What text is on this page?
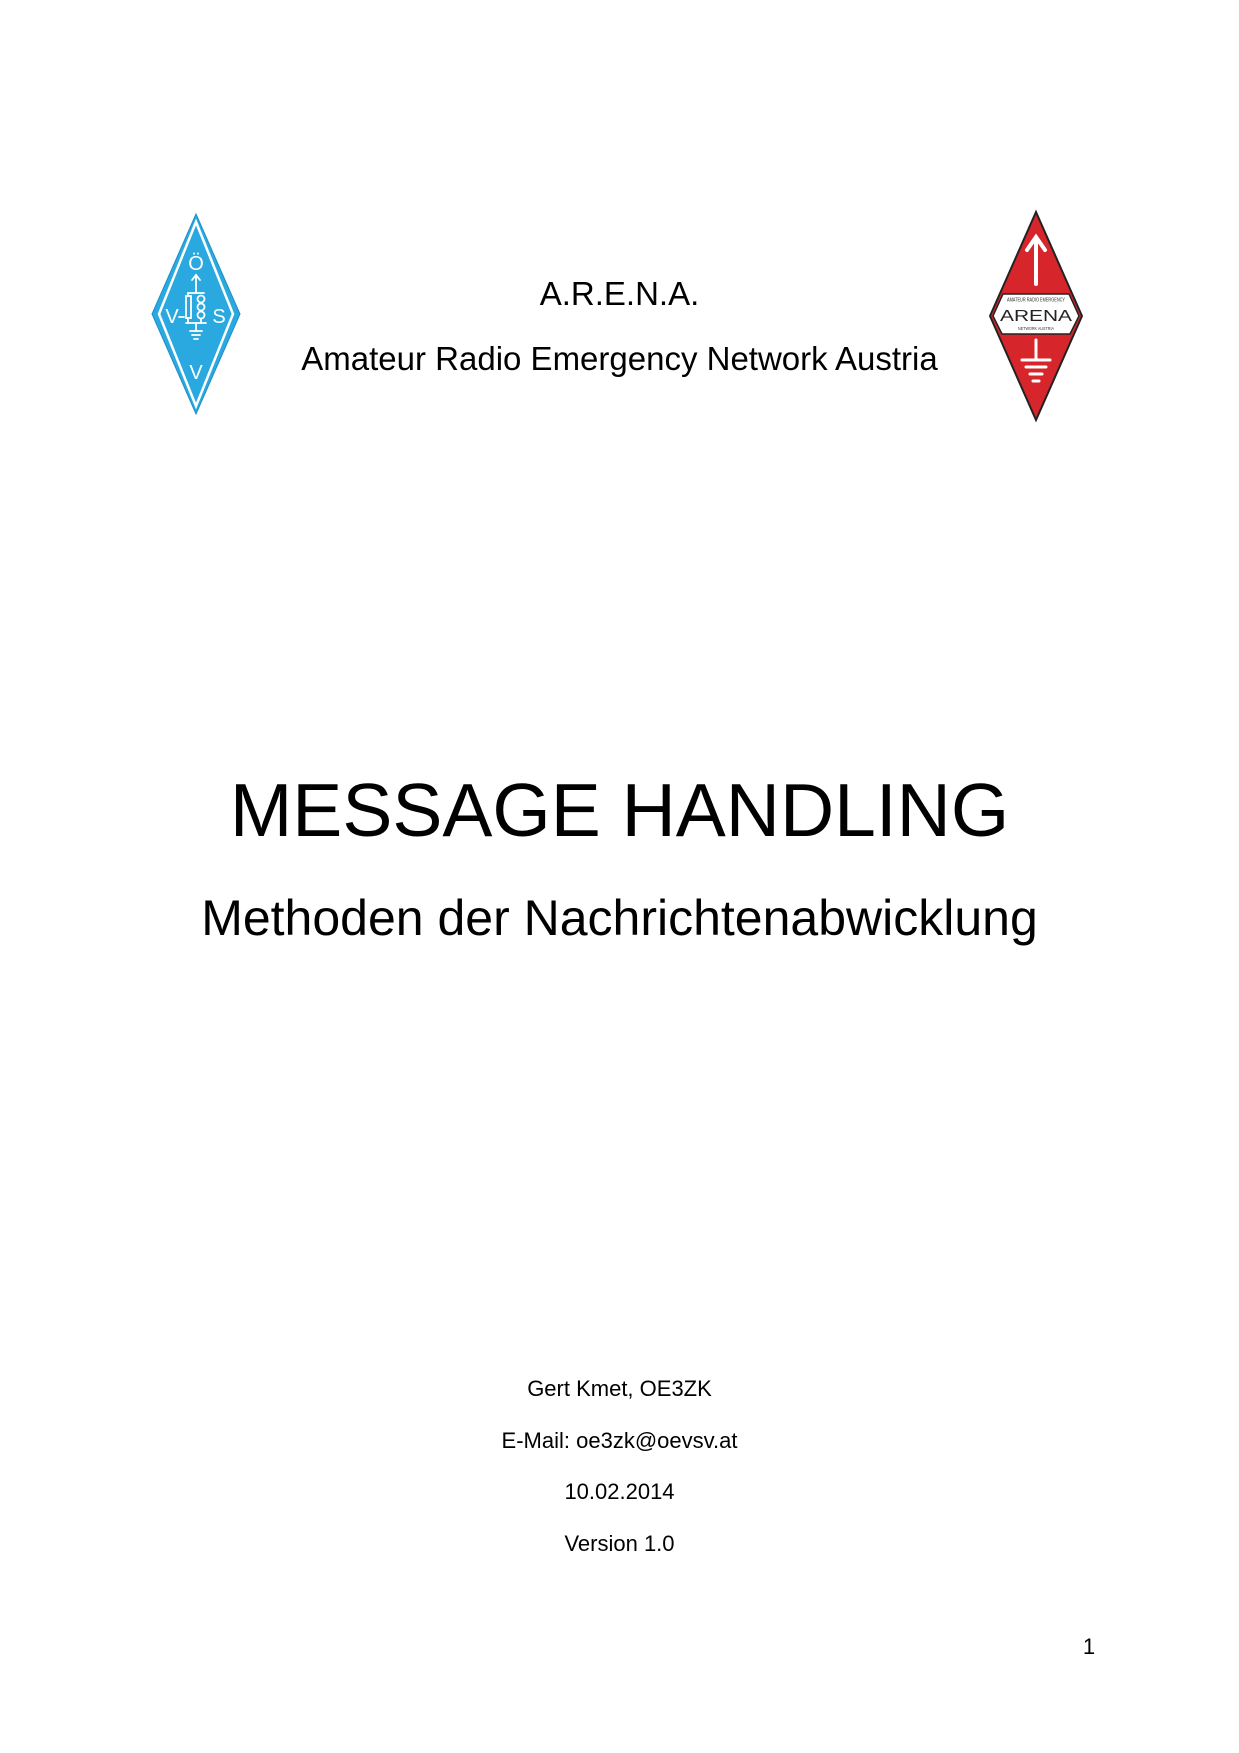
Ö
V S
V
A.R.E.N.A.
Amateur Radio Emergency Network Austria
AMATEUR RADIO EMERGENCY
ARENA
NETWORK AUSTRIA
MESSAGE HANDLING
Methoden der Nachrichtenabwicklung
Gert Kmet, OE3ZK
E-Mail: oe3zk@oevsv.at
10.02.2014
Version 1.0
1
